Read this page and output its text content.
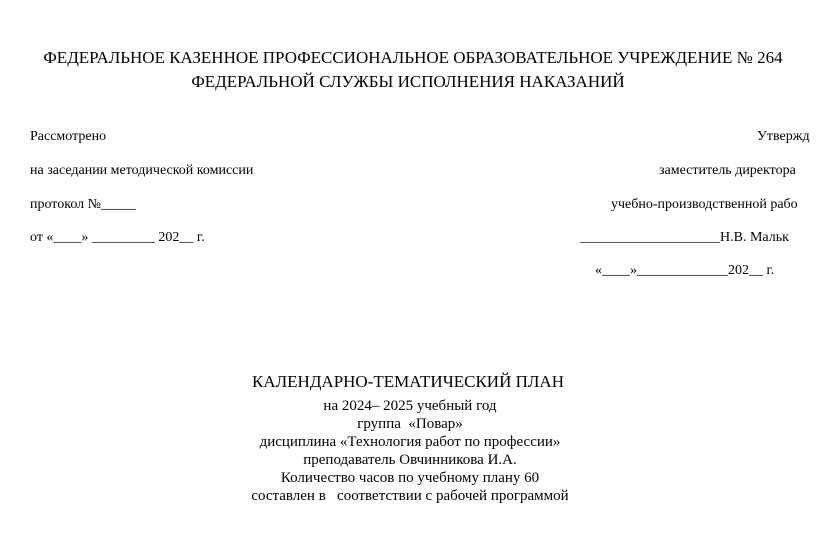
ФЕДЕРАЛЬНОЕ КАЗЕННОЕ ПРОФЕССИОНАЛЬНОЕ ОБРАЗОВАТЕЛЬНОЕ УЧРЕЖДЕНИЕ № 264
ФЕДЕРАЛЬНОЙ СЛУЖБЫ ИСПОЛНЕНИЯ НАКАЗАНИЙ
Рассмотрено
на заседании методической комиссии
протокол №_____
от «____» _________ 202__ г.
Утвержд
заместитель директора
учебно-производственной рабо
____________________Н.В. Мальк
«____»_____________202__ г.
КАЛЕНДАРНО-ТЕМАТИЧЕСКИЙ ПЛАН
на 2024– 2025 учебный год
группа  «Повар»
дисциплина «Технология работ по профессии»
преподаватель Овчинникова И.А.
Количество часов по учебному плану 60
составлен в   соответствии с рабочей программой
